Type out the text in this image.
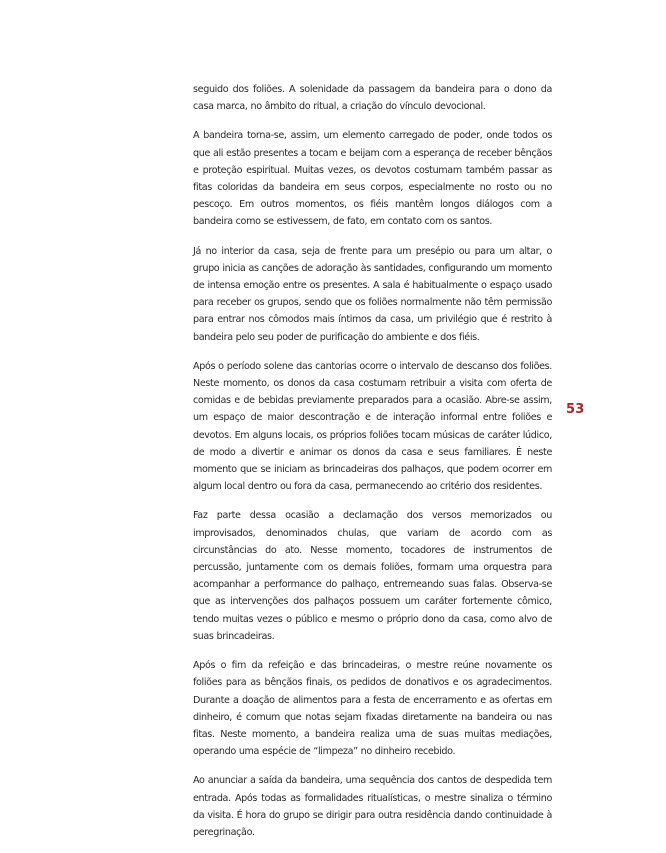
seguido dos foliões. A solenidade da passagem da bandeira para o dono da casa marca, no âmbito do ritual, a criação do vínculo devocional.

A bandeira torna-se, assim, um elemento carregado de poder, onde todos os que ali estão presentes a tocam e beijam com a esperança de receber bênçãos e proteção espiritual. Muitas vezes, os devotos costumam também passar as fitas coloridas da bandeira em seus corpos, especialmente no rosto ou no pescoço. Em outros momentos, os fiéis mantêm longos diálogos com a bandeira como se estivessem, de fato, em contato com os santos.

Já no interior da casa, seja de frente para um presépio ou para um altar, o grupo inicia as canções de adoração às santidades, configurando um momento de intensa emoção entre os presentes. A sala é habitualmente o espaço usado para receber os grupos, sendo que os foliões normalmente não têm permissão para entrar nos cômodos mais íntimos da casa, um privilégio que é restrito à bandeira pelo seu poder de purificação do ambiente e dos fiéis.

Após o período solene das cantorias ocorre o intervalo de descanso dos foliões. Neste momento, os donos da casa costumam retribuir a visita com oferta de comidas e de bebidas previamente preparados para a ocasião. Abre-se assim, um espaço de maior descontração e de interação informal entre foliões e devotos. Em alguns locais, os próprios foliões tocam músicas de caráter lúdico, de modo a divertir e animar os donos da casa e seus familiares. É neste momento que se iniciam as brincadeiras dos palhaços, que podem ocorrer em algum local dentro ou fora da casa, permanecendo ao critério dos residentes.

Faz parte dessa ocasião a declamação dos versos memorizados ou improvisados, denominados chulas, que variam de acordo com as circunstâncias do ato. Nesse momento, tocadores de instrumentos de percussão, juntamente com os demais foliões, formam uma orquestra para acompanhar a performance do palhaço, entremeando suas falas. Observa-se que as intervenções dos palhaços possuem um caráter fortemente cômico, tendo muitas vezes o público e mesmo o próprio dono da casa, como alvo de suas brincadeiras.

Após o fim da refeição e das brincadeiras, o mestre reúne novamente os foliões para as bênçãos finais, os pedidos de donativos e os agradecimentos. Durante a doação de alimentos para a festa de encerramento e as ofertas em dinheiro, é comum que notas sejam fixadas diretamente na bandeira ou nas fitas. Neste momento, a bandeira realiza uma de suas muitas mediações, operando uma espécie de “limpeza” no dinheiro recebido.

Ao anunciar a saída da bandeira, uma sequência dos cantos de despedida tem entrada. Após todas as formalidades ritualísticas, o mestre sinaliza o término da visita. É hora do grupo se dirigir para outra residência dando continuidade à peregrinação.

53
